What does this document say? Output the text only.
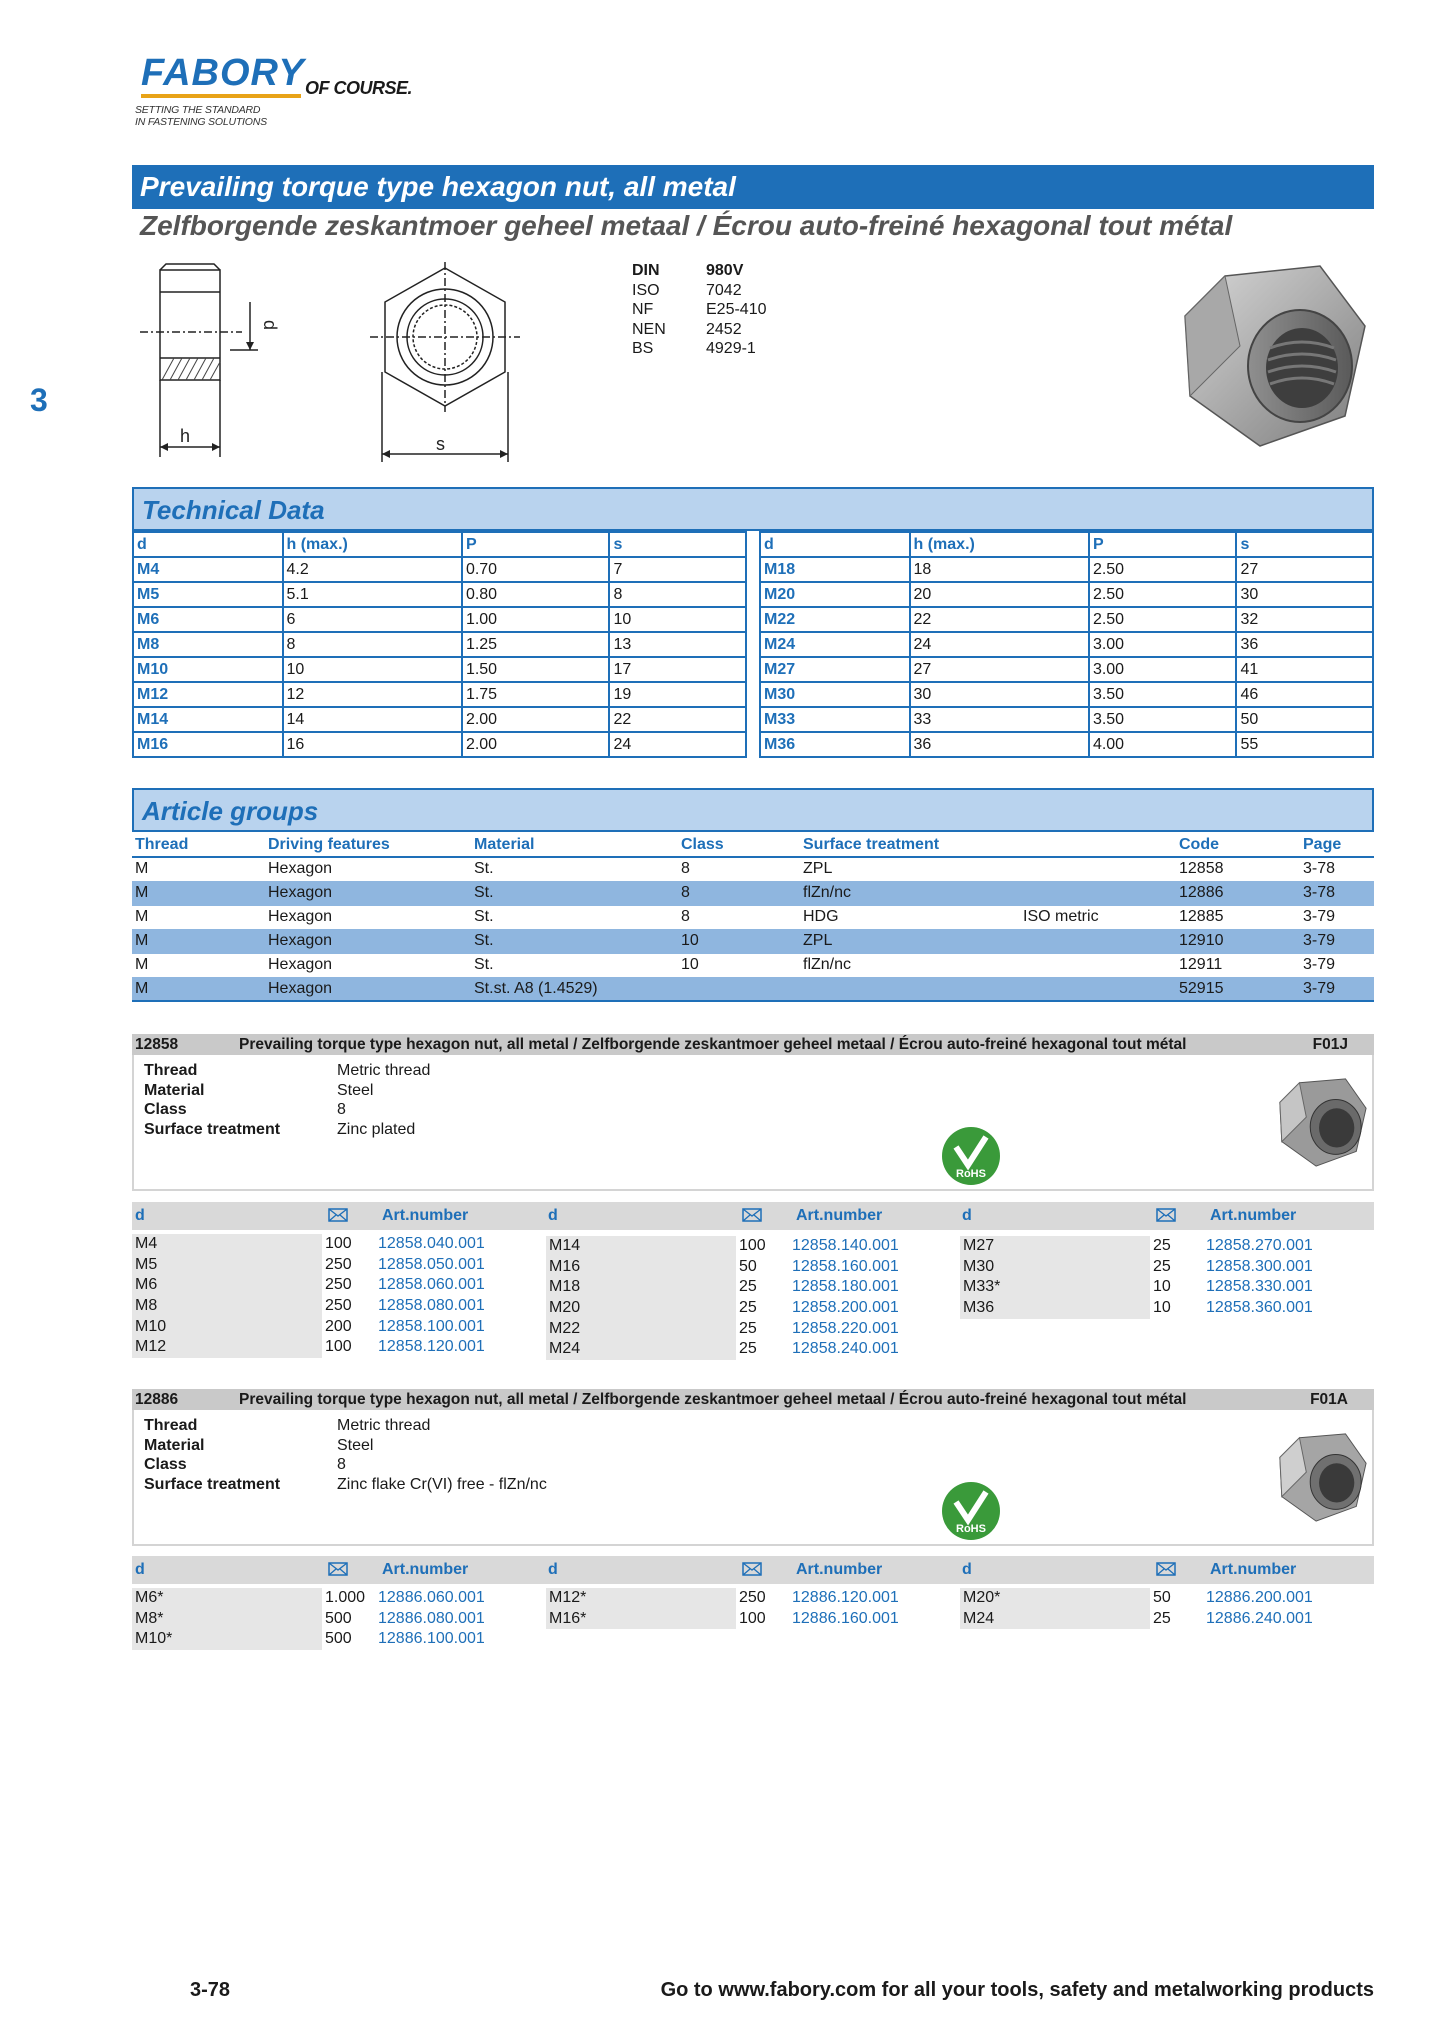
FABORY OF COURSE.
SETTING THE STANDARD
IN FASTENING SOLUTIONS
3
Prevailing torque type hexagon nut, all metal
Zelfborgende zeskantmoer geheel metaal / Écrou auto-freiné hexagonal tout métal
h
d
s
DIN	980V
ISO	7042
NF	E25-410
NEN	2452
BS	4929-1
Technical Data
d	h (max.)	P	s
M4	4.2	0.70	7
M5	5.1	0.80	8
M6	6	1.00	10
M8	8	1.25	13
M10	10	1.50	17
M12	12	1.75	19
M14	14	2.00	22
M16	16	2.00	24
d	h (max.)	P	s
M18	18	2.50	27
M20	20	2.50	30
M22	22	2.50	32
M24	24	3.00	36
M27	27	3.00	41
M30	30	3.50	46
M33	33	3.50	50
M36	36	4.00	55
Article groups
Thread	Driving features	Material	Class	Surface treatment		Code	Page
M	Hexagon	St.	8	ZPL		12858	3-78
M	Hexagon	St.	8	flZn/nc		12886	3-78
M	Hexagon	St.	8	HDG	ISO metric	12885	3-79
M	Hexagon	St.	10	ZPL		12910	3-79
M	Hexagon	St.	10	flZn/nc		12911	3-79
M	Hexagon	St.st. A8 (1.4529)				52915	3-79
12858	Prevailing torque type hexagon nut, all metal / Zelfborgende zeskantmoer geheel metaal / Écrou auto-freiné hexagonal tout métal	F01J
Thread	Metric thread
Material	Steel
Class	8
Surface treatment	Zinc plated
RoHS
d	Art.number	d	Art.number	d	Art.number
M4	100	12858.040.001
M5	250	12858.050.001
M6	250	12858.060.001
M8	250	12858.080.001
M10	200	12858.100.001
M12	100	12858.120.001
M14	100	12858.140.001
M16	50	12858.160.001
M18	25	12858.180.001
M20	25	12858.200.001
M22	25	12858.220.001
M24	25	12858.240.001
M27	25	12858.270.001
M30	25	12858.300.001
M33*	10	12858.330.001
M36	10	12858.360.001
12886	Prevailing torque type hexagon nut, all metal / Zelfborgende zeskantmoer geheel metaal / Écrou auto-freiné hexagonal tout métal	F01A
Thread	Metric thread
Material	Steel
Class	8
Surface treatment	Zinc flake Cr(VI) free - flZn/nc
RoHS
d	Art.number	d	Art.number	d	Art.number
M6*	1.000 12886.060.001
M8*	500	12886.080.001
M10*	500	12886.100.001
M12*	250	12886.120.001
M16*	100	12886.160.001
M20*	50	12886.200.001
M24	25	12886.240.001
3-78	Go to www.fabory.com for all your tools, safety and metalworking products
